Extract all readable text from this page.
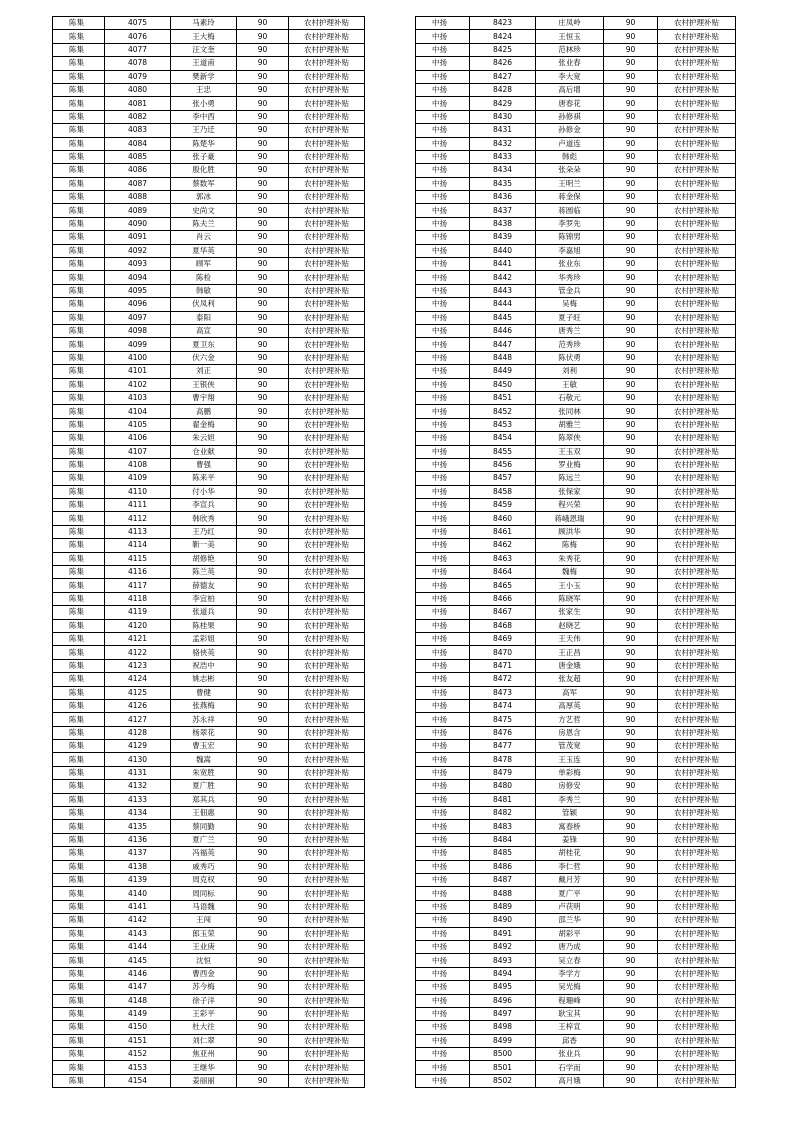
陈集	4075	马素玲	90	农村护理补贴
陈集	4076	王大梅	90	农村护理补贴
陈集	4077	汪文奎	90	农村护理补贴
陈集	4078	王道甫	90	农村护理补贴
陈集	4079	樊新学	90	农村护理补贴
陈集	4080	王忠	90	农村护理补贴
陈集	4081	张小勇	90	农村护理补贴
陈集	4082	李中西	90	农村护理补贴
陈集	4083	王乃迁	90	农村护理补贴
陈集	4084	陈楚华	90	农村护理补贴
陈集	4085	张子豪	90	农村护理补贴
陈集	4086	殷化胜	90	农村护理补贴
陈集	4087	蔡数军	90	农村护理补贴
陈集	4088	郭冰	90	农村护理补贴
陈集	4089	史尚文	90	农村护理补贴
陈集	4090	陈夫兰	90	农村护理补贴
陈集	4091	肖云	90	农村护理补贴
陈集	4092	夏华英	90	农村护理补贴
陈集	4093	顾军	90	农村护理补贴
陈集	4094	陈检	90	农村护理补贴
陈集	4095	韩敏	90	农村护理补贴
陈集	4096	伏凤利	90	农村护理补贴
陈集	4097	泰阳	90	农村护理补贴
陈集	4098	高宣	90	农村护理补贴
陈集	4099	夏卫东	90	农村护理补贴
陈集	4100	伏六金	90	农村护理补贴
陈集	4101	刘正	90	农村护理补贴
陈集	4102	王银侠	90	农村护理补贴
陈集	4103	曹宇翔	90	农村护理补贴
陈集	4104	高鹏	90	农村护理补贴
陈集	4105	翟金梅	90	农村护理补贴
陈集	4106	朱云妲	90	农村护理补贴
陈集	4107	仓业献	90	农村护理补贴
陈集	4108	曹强	90	农村护理补贴
陈集	4109	陈来平	90	农村护理补贴
陈集	4110	付小华	90	农村护理补贴
陈集	4111	李宣兵	90	农村护理补贴
陈集	4112	韩欣秀	90	农村护理补贴
陈集	4113	王乃红	90	农村护理补贴
陈集	4114	靳一美	90	农村护理补贴
陈集	4115	胡修艳	90	农村护理补贴
陈集	4116	陈兰英	90	农村护理补贴
陈集	4117	薛德友	90	农村护理补贴
陈集	4118	李宜柏	90	农村护理补贴
陈集	4119	张道兵	90	农村护理补贴
陈集	4120	陈桂果	90	农村护理补贴
陈集	4121	孟彩姐	90	农村护理补贴
陈集	4122	骆侠英	90	农村护理补贴
陈集	4123	祝浩中	90	农村护理补贴
陈集	4124	姚志彬	90	农村护理补贴
陈集	4125	曹健	90	农村护理补贴
陈集	4126	张燕梅	90	农村护理补贴
陈集	4127	苏永祥	90	农村护理补贴
陈集	4128	杨翠花	90	农村护理补贴
陈集	4129	曹玉宏	90	农村护理补贴
陈集	4130	魏嵩	90	农村护理补贴
陈集	4131	朱宽胜	90	农村护理补贴
陈集	4132	夏广胜	90	农村护理补贴
陈集	4133	郑其兵	90	农村护理补贴
陈集	4134	王佃惠	90	农村护理补贴
陈集	4135	蔡同勤	90	农村护理补贴
陈集	4136	夏广兰	90	农村护理补贴
陈集	4137	冯福英	90	农村护理补贴
陈集	4138	戚秀巧	90	农村护理补贴
陈集	4139	周克权	90	农村护理补贴
陈集	4140	周同标	90	农村护理补贴
陈集	4141	马语魏	90	农村护理补贴
陈集	4142	王闯	90	农村护理补贴
陈集	4143	郎玉荣	90	农村护理补贴
陈集	4144	王业庚	90	农村护理补贴
陈集	4145	沈恒	90	农村护理补贴
陈集	4146	曹西金	90	农村护理补贴
陈集	4147	苏今梅	90	农村护理补贴
陈集	4148	徐子洋	90	农村护理补贴
陈集	4149	王彩平	90	农村护理补贴
陈集	4150	杜大往	90	农村护理补贴
陈集	4151	刘仁翠	90	农村护理补贴
陈集	4152	焦亚州	90	农村护理补贴
陈集	4153	王继华	90	农村护理补贴
陈集	4154	姜丽丽	90	农村护理补贴
中扬	8423	庄凤岭	90	农村护理补贴
中扬	8424	王恒玉	90	农村护理补贴
中扬	8425	范林珍	90	农村护理补贴
中扬	8426	张业春	90	农村护理补贴
中扬	8427	李大宽	90	农村护理补贴
中扬	8428	高后增	90	农村护理补贴
中扬	8429	唐春花	90	农村护理补贴
中扬	8430	孙修祺	90	农村护理补贴
中扬	8431	孙修金	90	农村护理补贴
中扬	8432	卢道连	90	农村护理补贴
中扬	8433	韩彪	90	农村护理补贴
中扬	8434	张朵朵	90	农村护理补贴
中扬	8435	王明兰	90	农村护理补贴
中扬	8436	蒋金保	90	农村护理补贴
中扬	8437	蒋圆临	90	农村护理补贴
中扬	8438	李罗先	90	农村护理补贴
中扬	8439	陈锦男	90	农村护理补贴
中扬	8440	李嘉旭	90	农村护理补贴
中扬	8441	张业东	90	农村护理补贴
中扬	8442	华秀珍	90	农村护理补贴
中扬	8443	管金兵	90	农村护理补贴
中扬	8444	吴梅	90	农村护理补贴
中扬	8445	夏子旺	90	农村护理补贴
中扬	8446	唐秀兰	90	农村护理补贴
中扬	8447	范秀珍	90	农村护理补贴
中扬	8448	陈伏勇	90	农村护理补贴
中扬	8449	刘利	90	农村护理补贴
中扬	8450	王敏	90	农村护理补贴
中扬	8451	石敬元	90	农村护理补贴
中扬	8452	张同林	90	农村护理补贴
中扬	8453	胡雅兰	90	农村护理补贴
中扬	8454	陈翠侠	90	农村护理补贴
中扬	8455	王玉双	90	农村护理补贴
中扬	8456	罗业梅	90	农村护理补贴
中扬	8457	陈远兰	90	农村护理补贴
中扬	8458	张保家	90	农村护理补贴
中扬	8459	程兴荣	90	农村护理补贴
中扬	8460	蒋峨恩瑞	90	农村护理补贴
中扬	8461	顾洪华	90	农村护理补贴
中扬	8462	陈梅	90	农村护理补贴
中扬	8463	朱秀花	90	农村护理补贴
中扬	8464	魏梅	90	农村护理补贴
中扬	8465	王小玉	90	农村护理补贴
中扬	8466	陈晓军	90	农村护理补贴
中扬	8467	张家生	90	农村护理补贴
中扬	8468	赵晓艺	90	农村护理补贴
中扬	8469	王天伟	90	农村护理补贴
中扬	8470	王正昌	90	农村护理补贴
中扬	8471	唐金娥	90	农村护理补贴
中扬	8472	张友超	90	农村护理补贴
中扬	8473	高军	90	农村护理补贴
中扬	8474	高厚英	90	农村护理补贴
中扬	8475	方艺哲	90	农村护理补贴
中扬	8476	房恩含	90	农村护理补贴
中扬	8477	管茂宽	90	农村护理补贴
中扬	8478	王玉连	90	农村护理补贴
中扬	8479	单彩梅	90	农村护理补贴
中扬	8480	房修安	90	农村护理补贴
中扬	8481	李秀兰	90	农村护理补贴
中扬	8482	管颖	90	农村护理补贴
中扬	8483	寓春桥	90	农村护理补贴
中扬	8484	姜锋	90	农村护理补贴
中扬	8485	胡桂花	90	农村护理补贴
中扬	8486	李仁哲	90	农村护理补贴
中扬	8487	戴月芳	90	农村护理补贴
中扬	8488	夏广平	90	农村护理补贴
中扬	8489	卢茯明	90	农村护理补贴
中扬	8490	邵兰华	90	农村护理补贴
中扬	8491	胡彩平	90	农村护理补贴
中扬	8492	唐乃成	90	农村护理补贴
中扬	8493	吴立春	90	农村护理补贴
中扬	8494	李学方	90	农村护理补贴
中扬	8495	吴光梅	90	农村护理补贴
中扬	8496	程珊峰	90	农村护理补贴
中扬	8497	耿宝其	90	农村护理补贴
中扬	8498	王梓宣	90	农村护理补贴
中扬	8499	邱香	90	农村护理补贴
中扬	8500	张业兵	90	农村护理补贴
中扬	8501	石学而	90	农村护理补贴
中扬	8502	高月娥	90	农村护理补贴
